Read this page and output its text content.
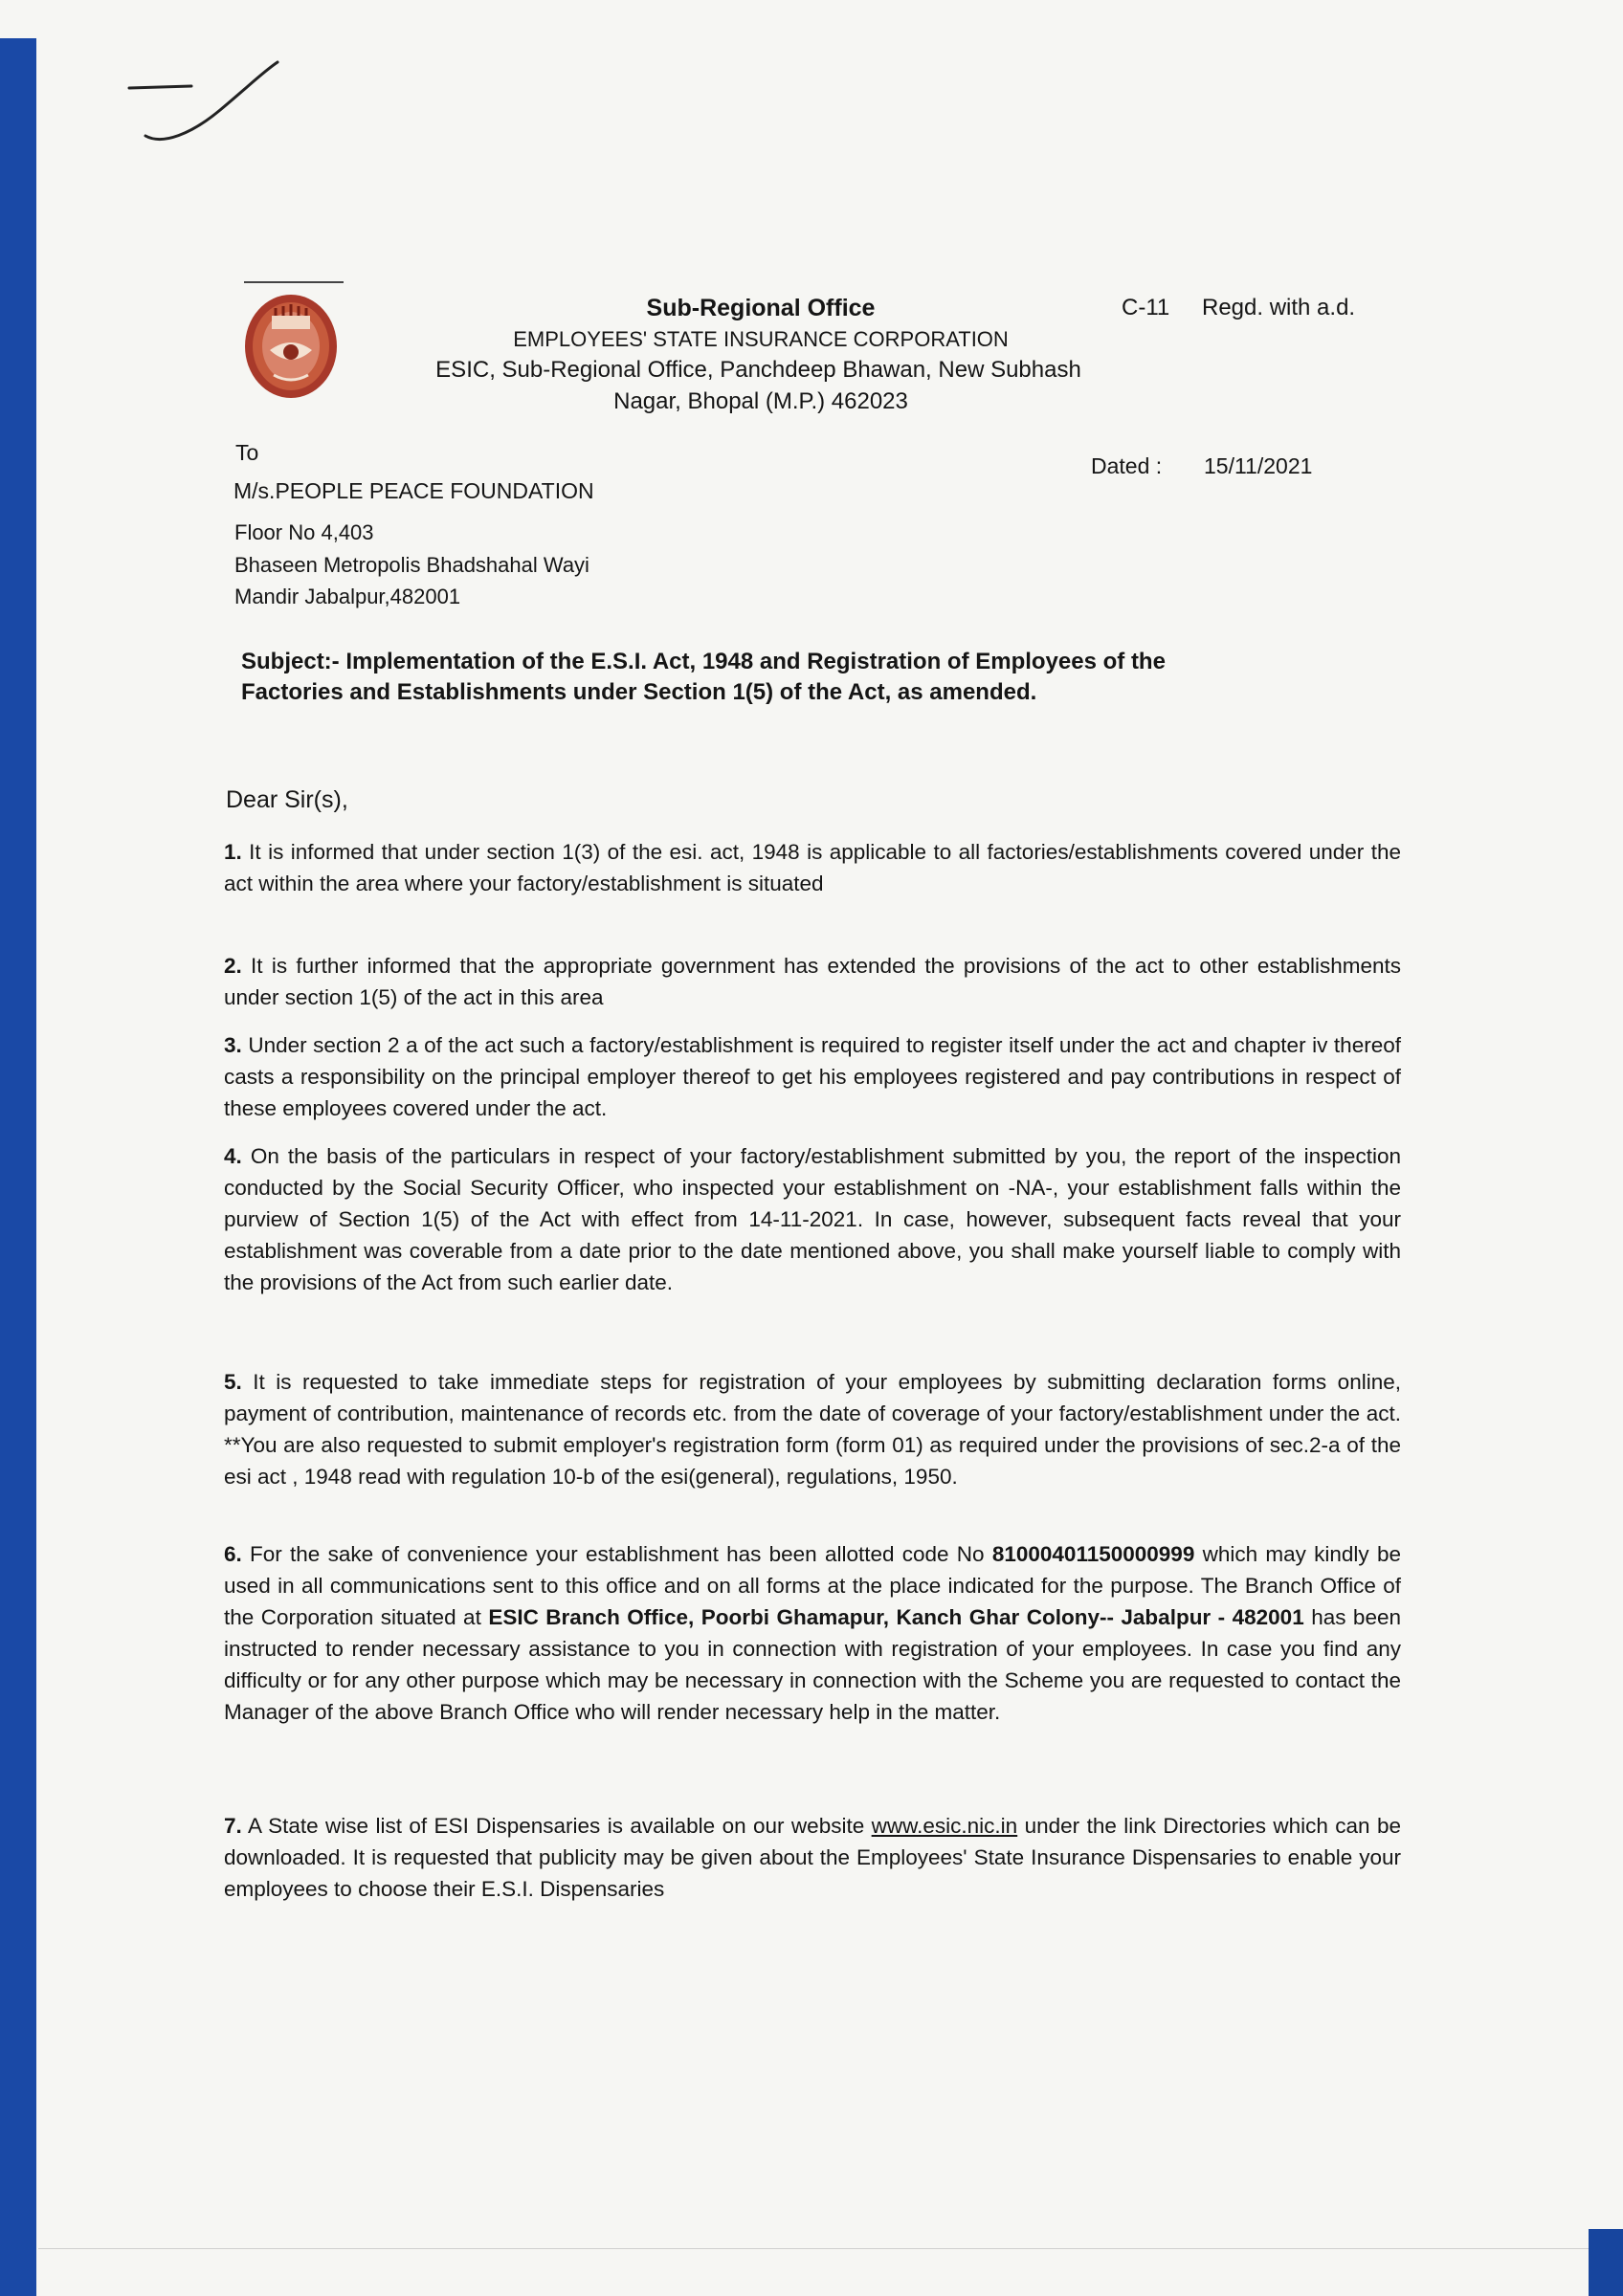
Sub-Regional Office
EMPLOYEES' STATE INSURANCE CORPORATION
ESIC, Sub-Regional Office, Panchdeep Bhawan, New Subhash
Nagar, Bhopal (M.P.) 462023
C-11 Regd. with a.d.
To
Dated : 15/11/2021
M/s.PEOPLE PEACE FOUNDATION
Floor No 4,403
Bhaseen Metropolis Bhadshahal Wayi
Mandir Jabalpur,482001
Subject:- Implementation of the E.S.I. Act, 1948 and Registration of Employees of the Factories and Establishments under Section 1(5) of the Act, as amended.
Dear Sir(s),
1. It is informed that under section 1(3) of the esi. act, 1948 is applicable to all factories/establishments covered under the act within the area where your factory/establishment is situated
2. It is further informed that the appropriate government has extended the provisions of the act to other establishments under section 1(5) of the act in this area
3. Under section 2 a of the act such a factory/establishment is required to register itself under the act and chapter iv thereof casts a responsibility on the principal employer thereof to get his employees registered and pay contributions in respect of these employees covered under the act.
4. On the basis of the particulars in respect of your factory/establishment submitted by you, the report of the inspection conducted by the Social Security Officer, who inspected your establishment on -NA-, your establishment falls within the purview of Section 1(5) of the Act with effect from 14-11-2021. In case, however, subsequent facts reveal that your establishment was coverable from a date prior to the date mentioned above, you shall make yourself liable to comply with the provisions of the Act from such earlier date.
5. It is requested to take immediate steps for registration of your employees by submitting declaration forms online, payment of contribution, maintenance of records etc. from the date of coverage of your factory/establishment under the act. **You are also requested to submit employer's registration form (form 01) as required under the provisions of sec.2-a of the esi act , 1948 read with regulation 10-b of the esi(general), regulations, 1950.
6. For the sake of convenience your establishment has been allotted code No 81000401150000999 which may kindly be used in all communications sent to this office and on all forms at the place indicated for the purpose. The Branch Office of the Corporation situated at ESIC Branch Office, Poorbi Ghamapur, Kanch Ghar Colony-- Jabalpur - 482001 has been instructed to render necessary assistance to you in connection with registration of your employees. In case you find any difficulty or for any other purpose which may be necessary in connection with the Scheme you are requested to contact the Manager of the above Branch Office who will render necessary help in the matter.
7. A State wise list of ESI Dispensaries is available on our website www.esic.nic.in under the link Directories which can be downloaded. It is requested that publicity may be given about the Employees' State Insurance Dispensaries to enable your employees to choose their E.S.I. Dispensaries
